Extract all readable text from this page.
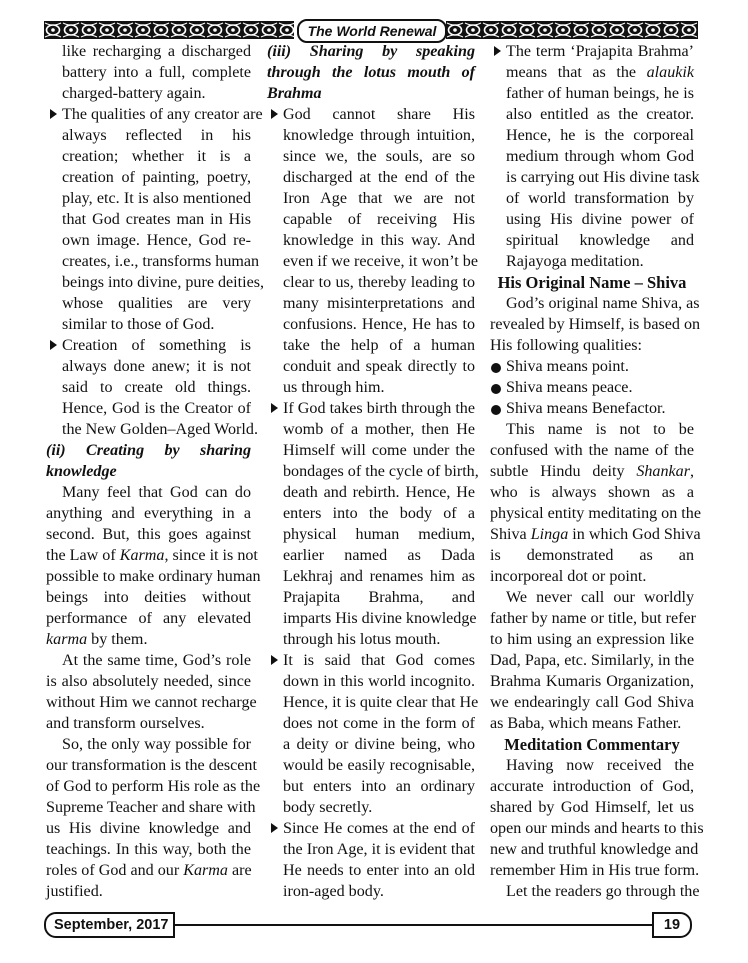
The World Renewal
like recharging a discharged
battery into a full, complete
charged-battery again.
The qualities of any creator are
always reflected in his
creation; whether it is a
creation of painting, poetry,
play, etc. It is also mentioned
that God creates man in His
own image. Hence, God re-
creates, i.e., transforms human
beings into divine, pure deities,
whose qualities are very
similar to those of God.
Creation of something is
always done anew; it is not
said to create old things.
Hence, God is the Creator of
the New Golden–Aged World.
(ii) Creating by sharing
knowledge
Many feel that God can do
anything and everything in a
second. But, this goes against
the Law of Karma, since it is not
possible to make ordinary human
beings into deities without
performance of any elevated
karma by them.
At the same time, God’s role
is also absolutely needed, since
without Him we cannot recharge
and transform ourselves.
So, the only way possible for
our transformation is the descent
of God to perform His role as the
Supreme Teacher and share with
us His divine knowledge and
teachings. In this way, both the
roles of God and our Karma are
justified.
(iii) Sharing by speaking
through the lotus mouth of
Brahma
God cannot share His
knowledge through intuition,
since we, the souls, are so
discharged at the end of the
Iron Age that we are not
capable of receiving His
knowledge in this way. And
even if we receive, it won’t be
clear to us, thereby leading to
many misinterpretations and
confusions. Hence, He has to
take the help of a human
conduit and speak directly to
us through him.
If God takes birth through the
womb of a mother, then He
Himself will come under the
bondages of the cycle of birth,
death and rebirth. Hence, He
enters into the body of a
physical human medium,
earlier named as Dada
Lekhraj and renames him as
Prajapita Brahma, and
imparts His divine knowledge
through his lotus mouth.
It is said that God comes
down in this world incognito.
Hence, it is quite clear that He
does not come in the form of
a deity or divine being, who
would be easily recognisable,
but enters into an ordinary
body secretly.
Since He comes at the end of
the Iron Age, it is evident that
He needs to enter into an old
iron-aged body.
The term ‘Prajapita Brahma’
means that as the alaukik
father of human beings, he is
also entitled as the creator.
Hence, he is the corporeal
medium through whom God
is carrying out His divine task
of world transformation by
using His divine power of
spiritual knowledge and
Rajayoga meditation.
His Original Name – Shiva
God’s original name Shiva, as
revealed by Himself, is based on
His following qualities:
Shiva means point.
Shiva means peace.
Shiva means Benefactor.
This name is not to be
confused with the name of the
subtle Hindu deity Shankar,
who is always shown as a
physical entity meditating on the
Shiva Linga in which God Shiva
is demonstrated as an
incorporeal dot or point.
We never call our worldly
father by name or title, but refer
to him using an expression like
Dad, Papa, etc. Similarly, in the
Brahma Kumaris Organization,
we endearingly call God Shiva
as Baba, which means Father.
Meditation Commentary
Having now received the
accurate introduction of God,
shared by God Himself, let us
open our minds and hearts to this
new and truthful knowledge and
remember Him in His true form.
Let the readers go through the
September, 2017	19
